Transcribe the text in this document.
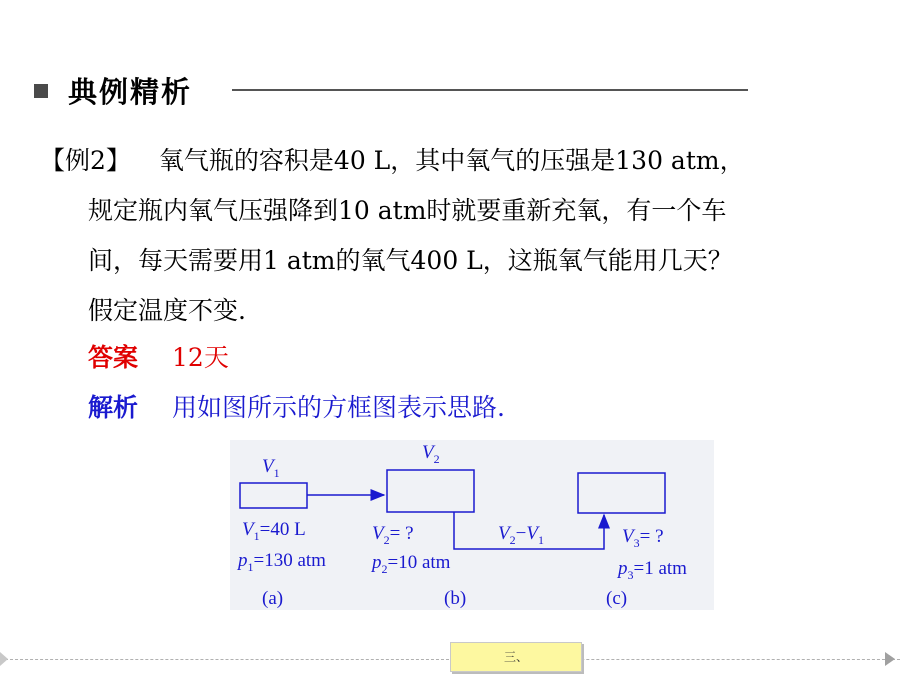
典例精析
【例2】 氧气瓶的容积是40 L，其中氧气的压强是130 atm，
规定瓶内氧气压强降到10 atm时就要重新充氧，有一个车
间，每天需要用1 atm的氧气400 L，这瓶氧气能用几天？
假定温度不变.
答案 12天
解析 用如图所示的方框图表示思路.
$V_1$
$V_2$
$V_2-V_1$
$V_1=40$ L
$p_1=130$ atm
(a)
$V_2=$ ?
$p_2=10$ atm
(b)
$V_3=$ ?
$p_3=1$ atm
(c)
三、
